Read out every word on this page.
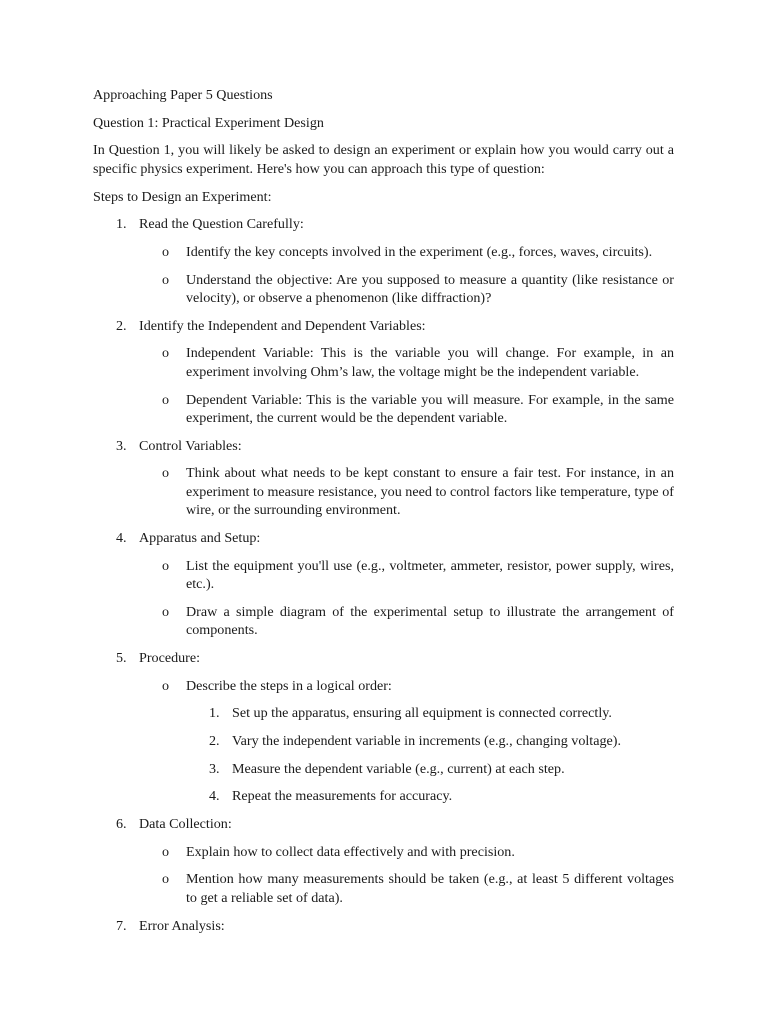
Approaching Paper 5 Questions

Question 1: Practical Experiment Design

In Question 1, you will likely be asked to design an experiment or explain how you would carry out a specific physics experiment. Here's how you can approach this type of question:

Steps to Design an Experiment:

1. Read the Question Carefully:
o Identify the key concepts involved in the experiment (e.g., forces, waves, circuits).
o Understand the objective: Are you supposed to measure a quantity (like resistance or velocity), or observe a phenomenon (like diffraction)?
2. Identify the Independent and Dependent Variables:
o Independent Variable: This is the variable you will change. For example, in an experiment involving Ohm’s law, the voltage might be the independent variable.
o Dependent Variable: This is the variable you will measure. For example, in the same experiment, the current would be the dependent variable.
3. Control Variables:
o Think about what needs to be kept constant to ensure a fair test. For instance, in an experiment to measure resistance, you need to control factors like temperature, type of wire, or the surrounding environment.
4. Apparatus and Setup:
o List the equipment you'll use (e.g., voltmeter, ammeter, resistor, power supply, wires, etc.).
o Draw a simple diagram of the experimental setup to illustrate the arrangement of components.
5. Procedure:
o Describe the steps in a logical order:
1. Set up the apparatus, ensuring all equipment is connected correctly.
2. Vary the independent variable in increments (e.g., changing voltage).
3. Measure the dependent variable (e.g., current) at each step.
4. Repeat the measurements for accuracy.
6. Data Collection:
o Explain how to collect data effectively and with precision.
o Mention how many measurements should be taken (e.g., at least 5 different voltages to get a reliable set of data).
7. Error Analysis:
